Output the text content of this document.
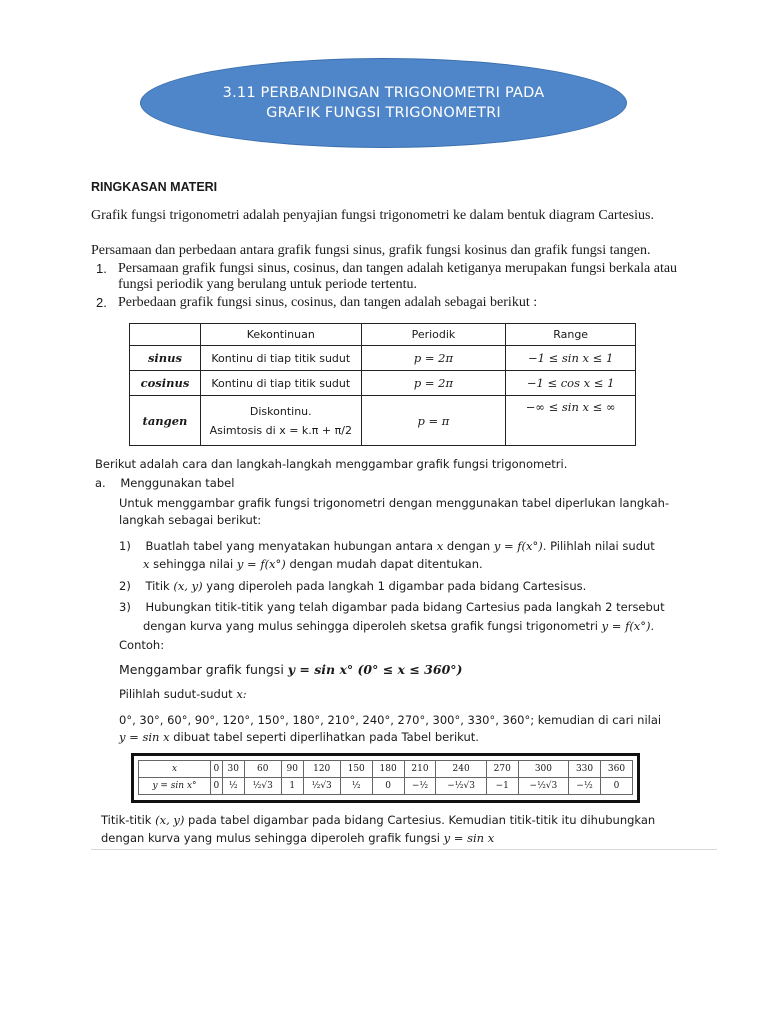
3.11 PERBANDINGAN TRIGONOMETRI PADA
GRAFIK FUNGSI TRIGONOMETRI
RINGKASAN MATERI
Grafik fungsi trigonometri adalah penyajian fungsi trigonometri ke dalam bentuk diagram Cartesius.
Persamaan dan perbedaan antara grafik fungsi sinus, grafik fungsi kosinus dan grafik fungsi tangen.
1. Persamaan grafik fungsi sinus, cosinus, dan tangen adalah ketiganya merupakan fungsi berkala atau
fungsi periodik yang berulang untuk periode tertentu.
2. Perbedaan grafik fungsi sinus, cosinus, dan tangen adalah sebagai berikut :
	Kekontinuan	Periodik	Range
sinus	Kontinu di tiap titik sudut	p = 2π	−1 ≤ sin x ≤ 1
cosinus	Kontinu di tiap titik sudut	p = 2π	−1 ≤ cos x ≤ 1
tangen	Diskontinu.
Asimtosis di x = k.π + π/2	p = π	−∞ ≤ sin x ≤ ∞
Berikut adalah cara dan langkah-langkah menggambar grafik fungsi trigonometri.
a. Menggunakan tabel
Untuk menggambar grafik fungsi trigonometri dengan menggunakan tabel diperlukan langkah-
langkah sebagai berikut:
1) Buatlah tabel yang menyatakan hubungan antara x dengan y = f(x°). Pilihlah nilai sudut
x sehingga nilai y = f(x°) dengan mudah dapat ditentukan.
2) Titik (x, y) yang diperoleh pada langkah 1 digambar pada bidang Cartesisus.
3) Hubungkan titik-titik yang telah digambar pada bidang Cartesius pada langkah 2 tersebut
dengan kurva yang mulus sehingga diperoleh sketsa grafik fungsi trigonometri y = f(x°).
Contoh:
Menggambar grafik fungsi y = sin x° (0° ≤ x ≤ 360°)
Pilihlah sudut-sudut x:
0°, 30°, 60°, 90°, 120°, 150°, 180°, 210°, 240°, 270°, 300°, 330°, 360°; kemudian di cari nilai
y = sin x dibuat tabel seperti diperlihatkan pada Tabel berikut.
Titik-titik (x, y) pada tabel digambar pada bidang Cartesius. Kemudian titik-titik itu dihubungkan
dengan kurva yang mulus sehingga diperoleh grafik fungsi y = sin x
x	0	30	60	90	120	150	180	210	240	270	300	330	360
y = sin x°	0	½	½√3	1	½√3	½	0	−½	−½√3	−1	−½√3	−½	0
